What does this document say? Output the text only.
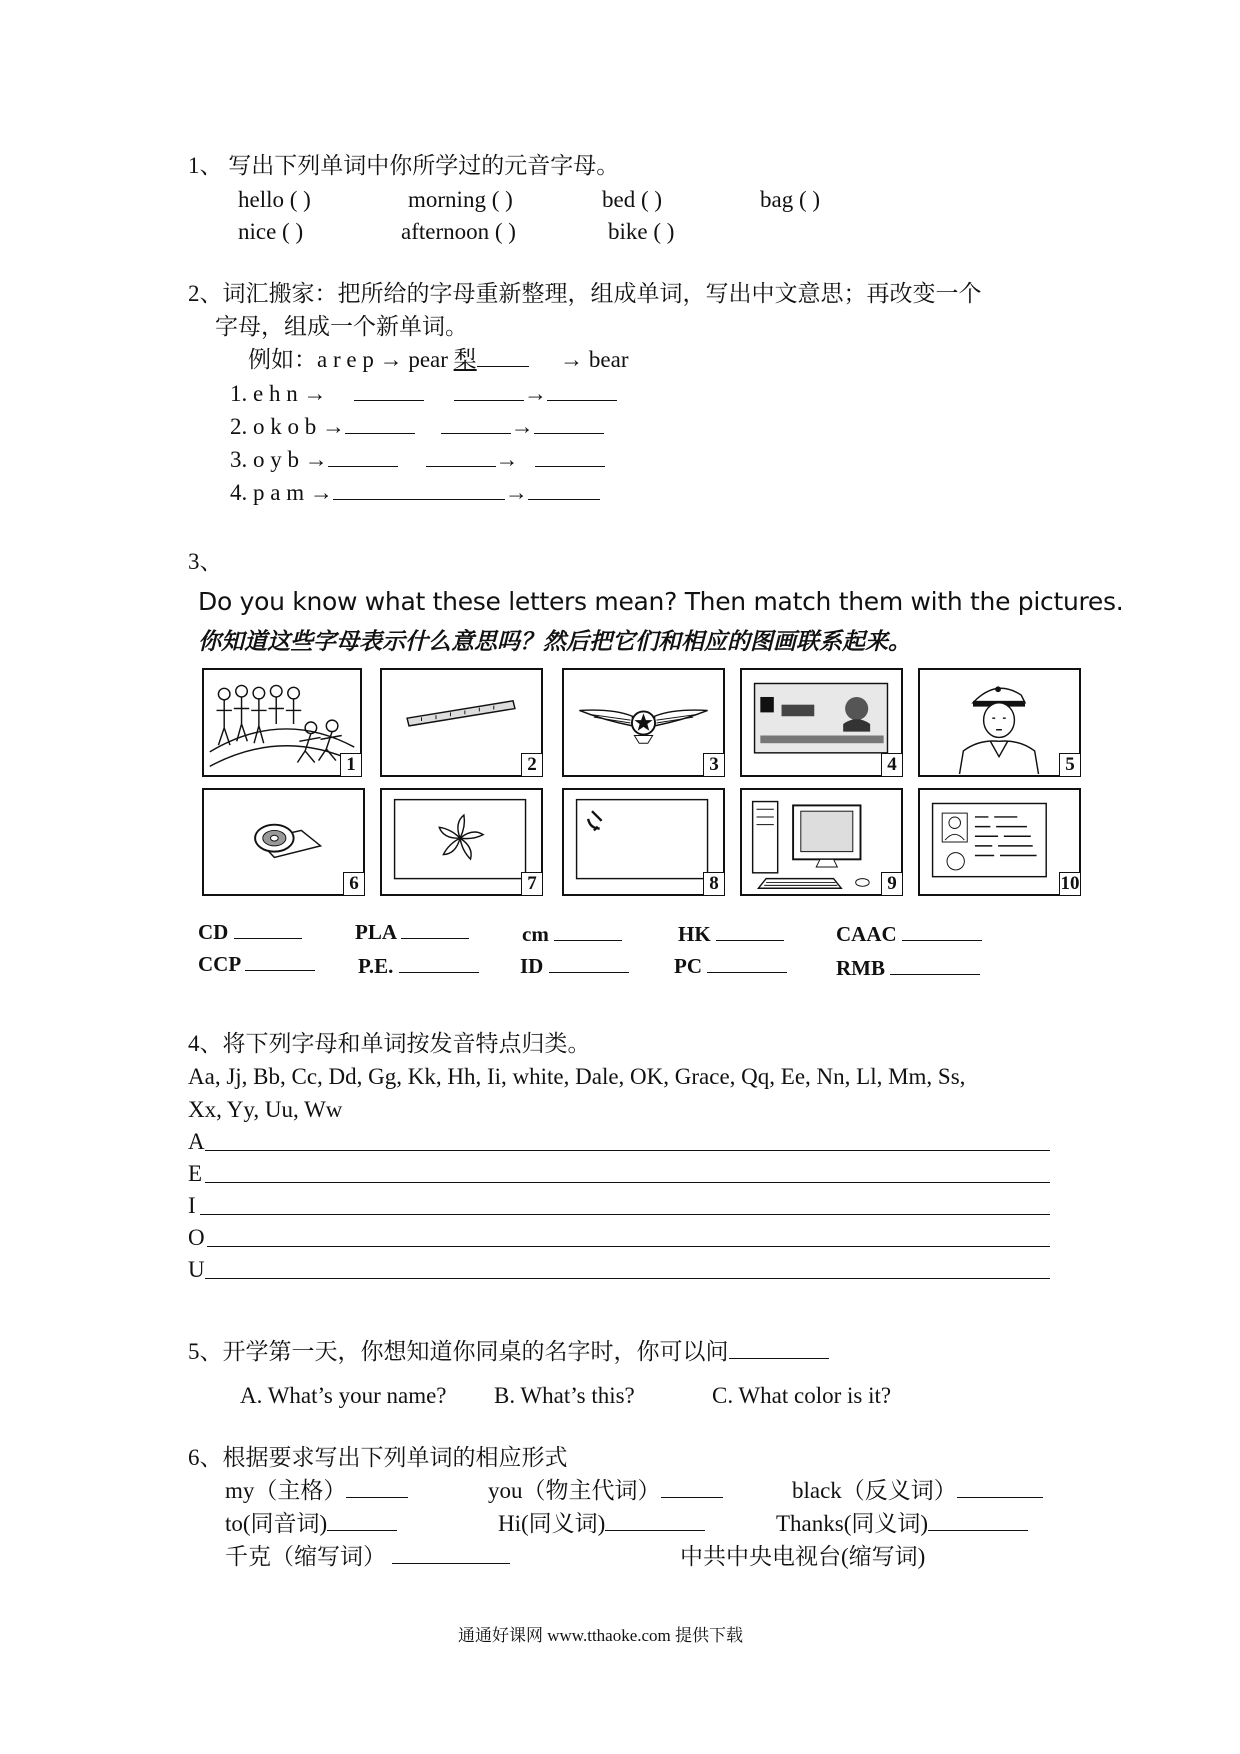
1、 写出下列单词中你所学过的元音字母。
hello ( )	morning ( )	bed ( )	bag ( )
nice ( )	afternoon ( )	bike ( )
2、词汇搬家：把所给的字母重新整理，组成单词，写出中文意思；再改变一个
字母，组成一个新单词。
例如：a r e p → pear 梨	→ bear
1. e h n →	→
2. o k o b →	→
3. o y b →	→
4. p a m →	→
3、
Do you know what these letters mean? Then match them with the pictures.
你知道这些字母表示什么意思吗？然后把它们和相应的图画联系起来。
1	2	3	4	5
6	7	8	9	10
CD	PLA	cm	HK	CAAC
CCP	P.E.	ID	PC	RMB
4、将下列字母和单词按发音特点归类。
Aa, Jj, Bb, Cc, Dd, Gg, Kk, Hh, Ii, white, Dale, OK, Grace, Qq, Ee, Nn, Ll, Mm, Ss,
Xx, Yy, Uu, Ww
A
E
I
O
U
5、开学第一天，你想知道你同桌的名字时，你可以问
A. What’s your name? B. What’s this?	C. What color is it?
6、根据要求写出下列单词的相应形式
my（主格）	you（物主代词）	black（反义词）
to(同音词)	Hi(同义词)	Thanks(同义词)
千克（缩写词）	中共中央电视台(缩写词)
通通好课网 www.tthaoke.com 提供下载
